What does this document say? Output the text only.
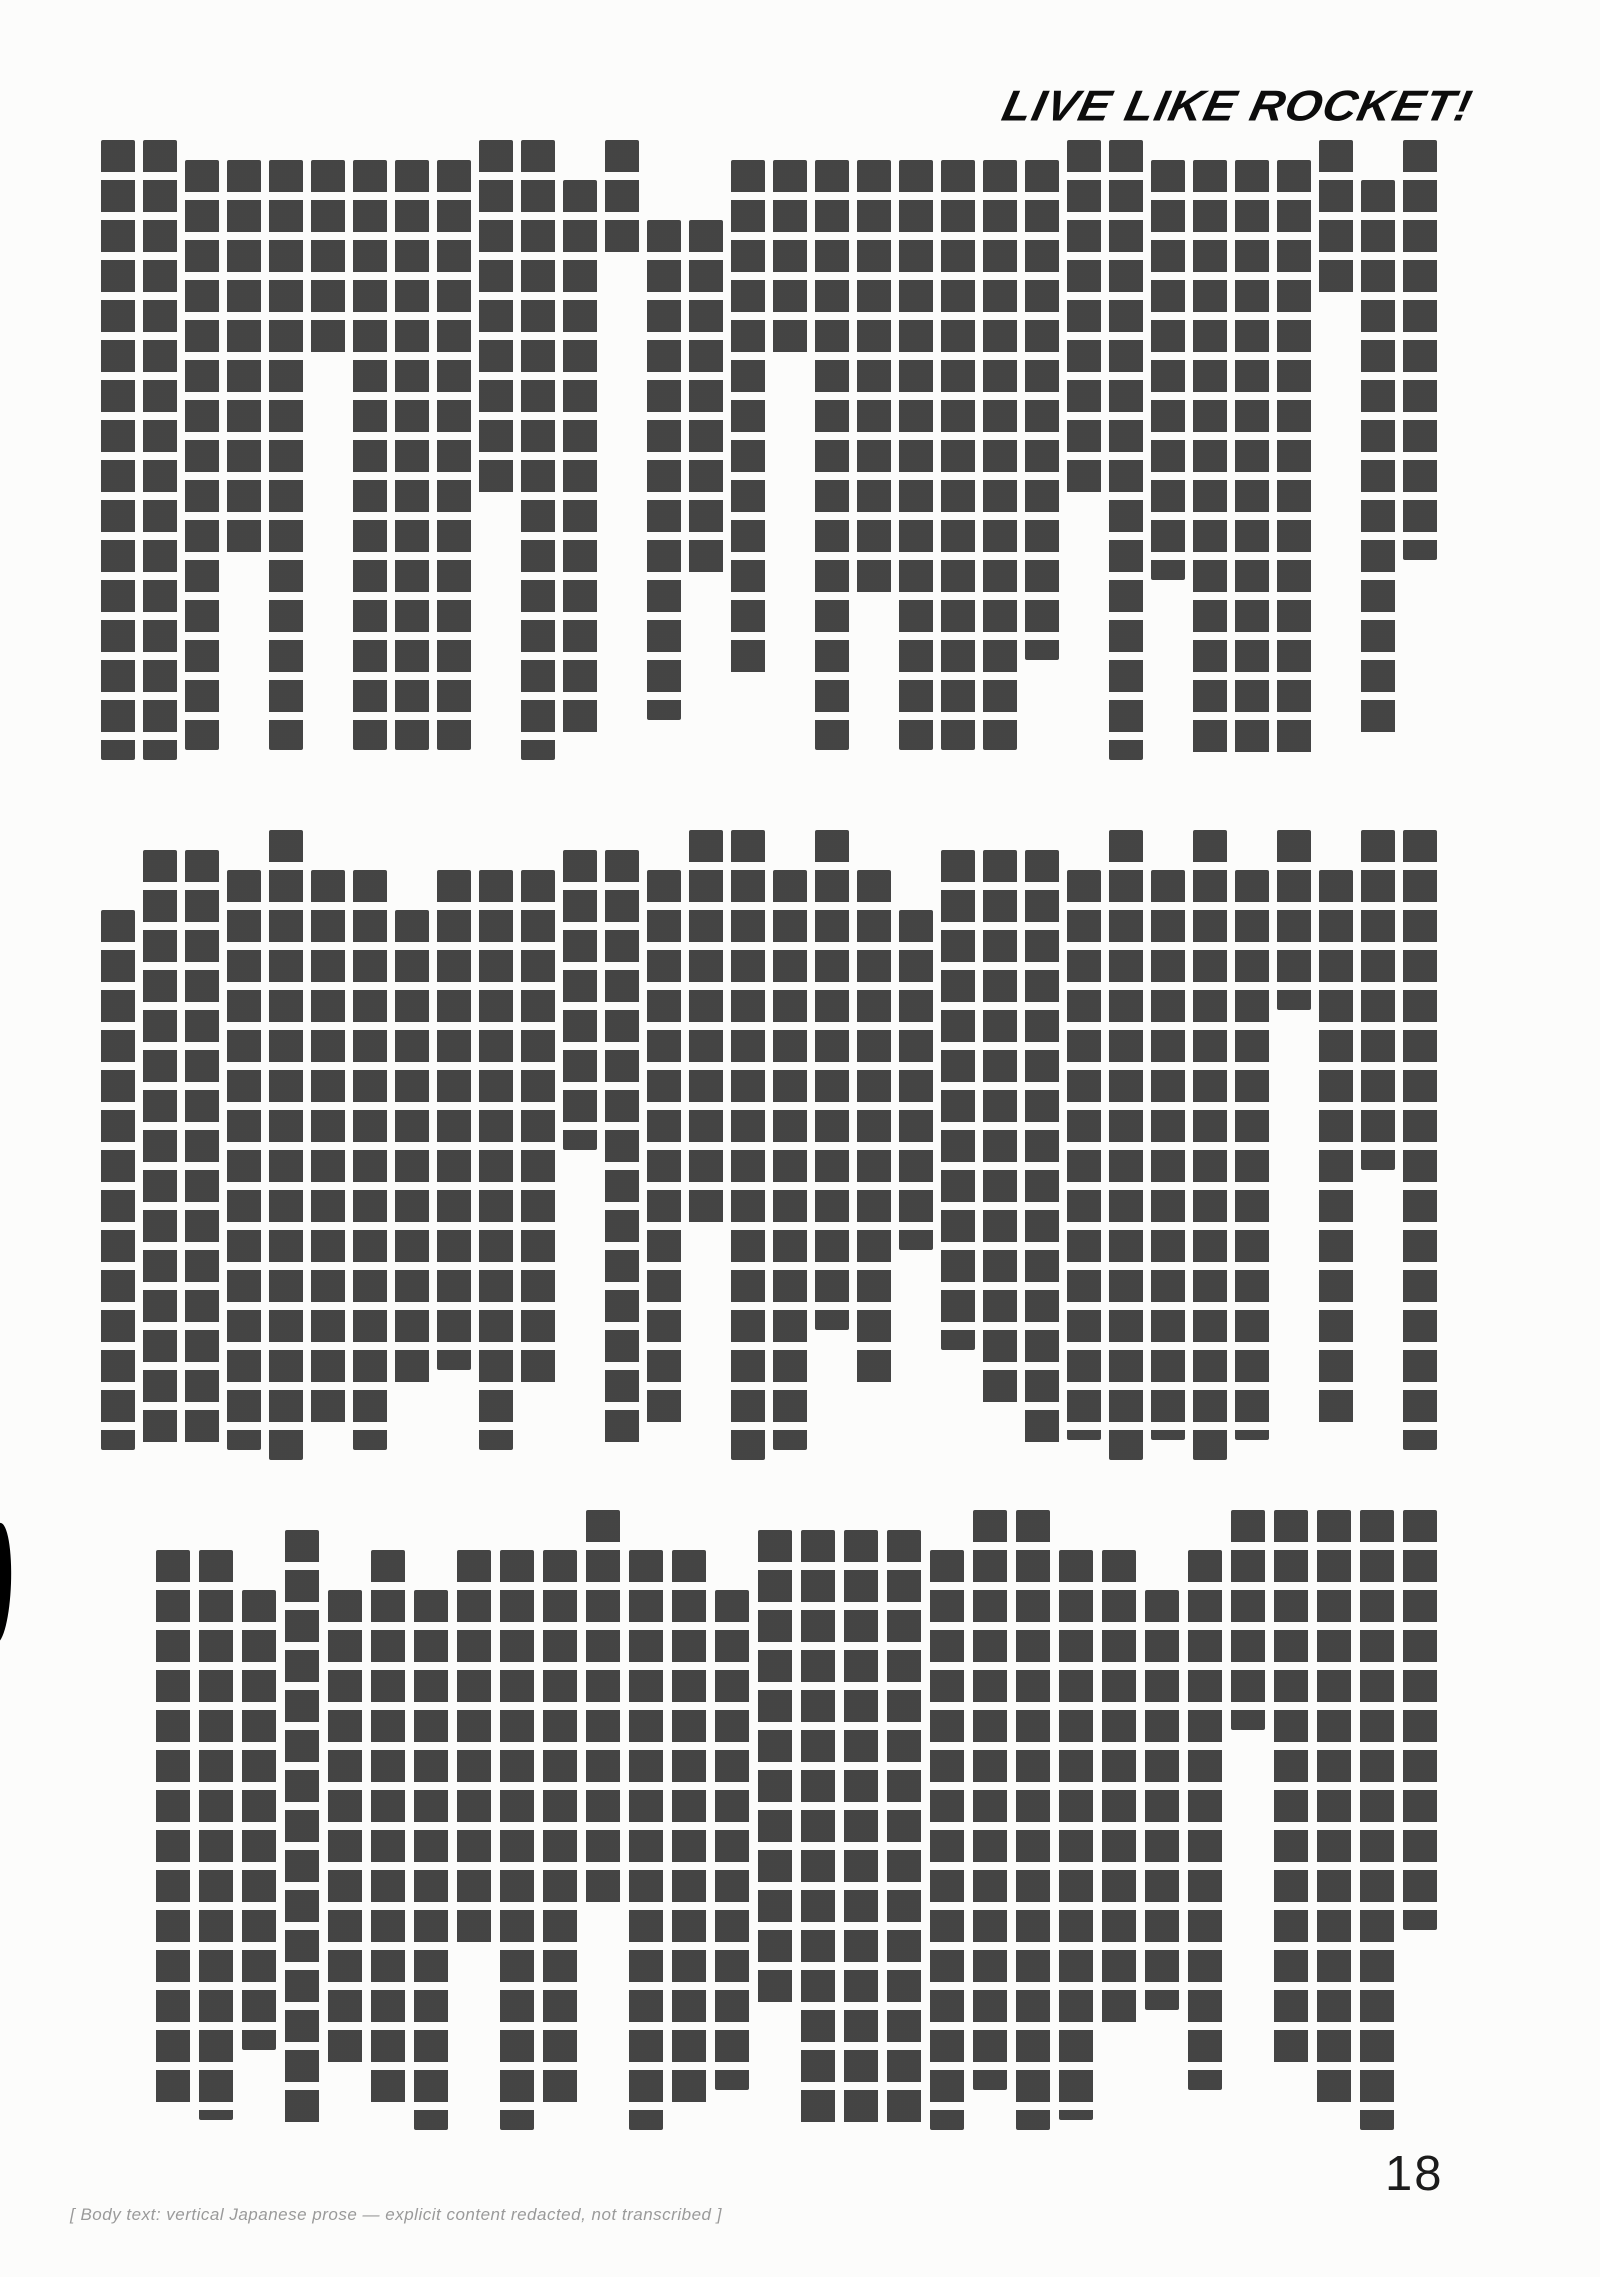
LIVE LIKE ROCKET!
18
[ Body text: vertical Japanese prose — explicit content redacted, not transcribed ]
